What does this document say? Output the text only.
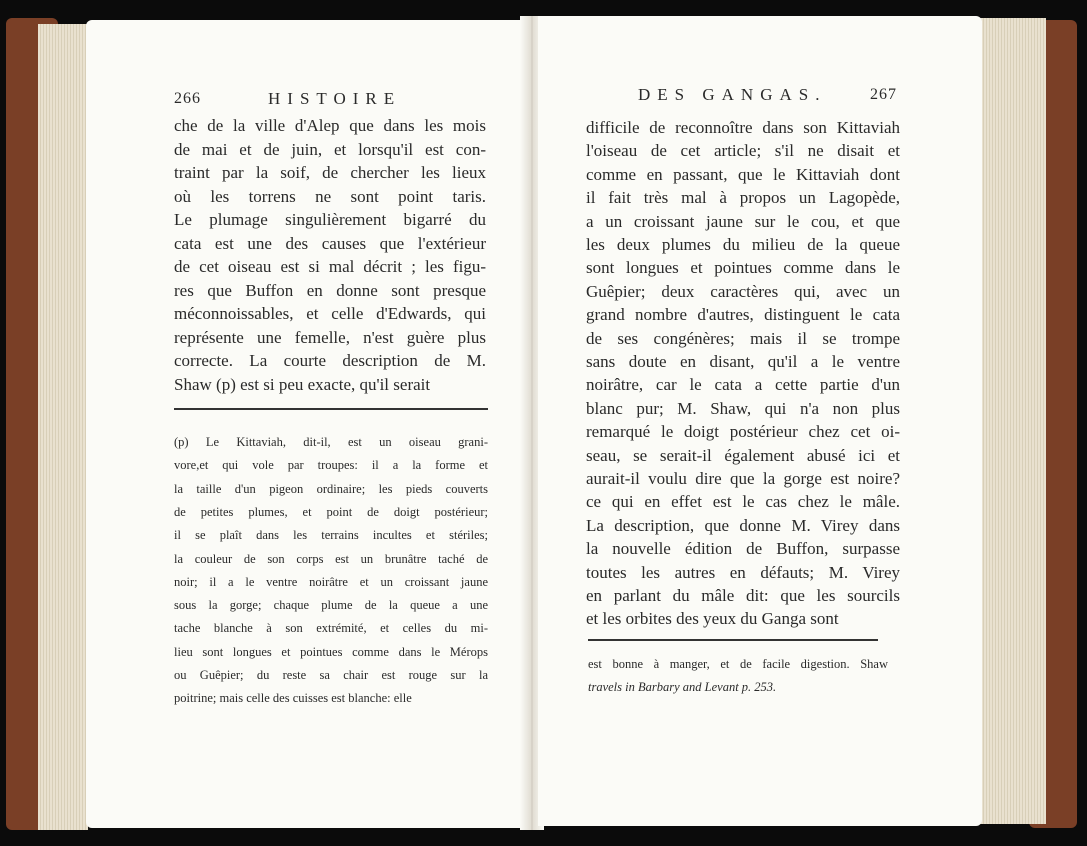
266	HISTOIRE
che de la ville d'Alep que dans les mois
de mai et de juin, et lorsqu'il est con-
traint par la soif, de chercher les lieux
où les torrens ne sont point taris.
Le plumage singulièrement bigarré du
cata est une des causes que l'extérieur
de cet oiseau est si mal décrit ; les figu-
res que Buffon en donne sont presque
méconnoissables, et celle d'Edwards, qui
représente une femelle, n'est guère plus
correcte. La courte description de M.
Shaw (p) est si peu exacte, qu'il serait
(p) Le Kittaviah, dit-il, est un oiseau grani-
vore,et qui vole par troupes: il a la forme et
la taille d'un pigeon ordinaire; les pieds couverts
de petites plumes, et point de doigt postérieur;
il se plaît dans les terrains incultes et stériles;
la couleur de son corps est un brunâtre taché de
noir; il a le ventre noirâtre et un croissant jaune
sous la gorge; chaque plume de la queue a une
tache blanche à son extrémité, et celles du mi-
lieu sont longues et pointues comme dans le Mérops
ou Guêpier; du reste sa chair est rouge sur la
poitrine; mais celle des cuisses est blanche: elle
DES GANGAS.	267
difficile de reconnoître dans son Kittaviah
l'oiseau de cet article; s'il ne disait et
comme en passant, que le Kittaviah dont
il fait très mal à propos un Lagopède,
a un croissant jaune sur le cou, et que
les deux plumes du milieu de la queue
sont longues et pointues comme dans le
Guêpier; deux caractères qui, avec un
grand nombre d'autres, distinguent le cata
de ses congénères; mais il se trompe
sans doute en disant, qu'il a le ventre
noirâtre, car le cata a cette partie d'un
blanc pur; M. Shaw, qui n'a non plus
remarqué le doigt postérieur chez cet oi-
seau, se serait-il également abusé ici et
aurait-il voulu dire que la gorge est noire?
ce qui en effet est le cas chez le mâle.
La description, que donne M. Virey dans
la nouvelle édition de Buffon, surpasse
toutes les autres en défauts; M. Virey
en parlant du mâle dit: que les sourcils
et les orbites des yeux du Ganga sont
est bonne à manger, et de facile digestion. Shaw
travels in Barbary and Levant p. 253.
